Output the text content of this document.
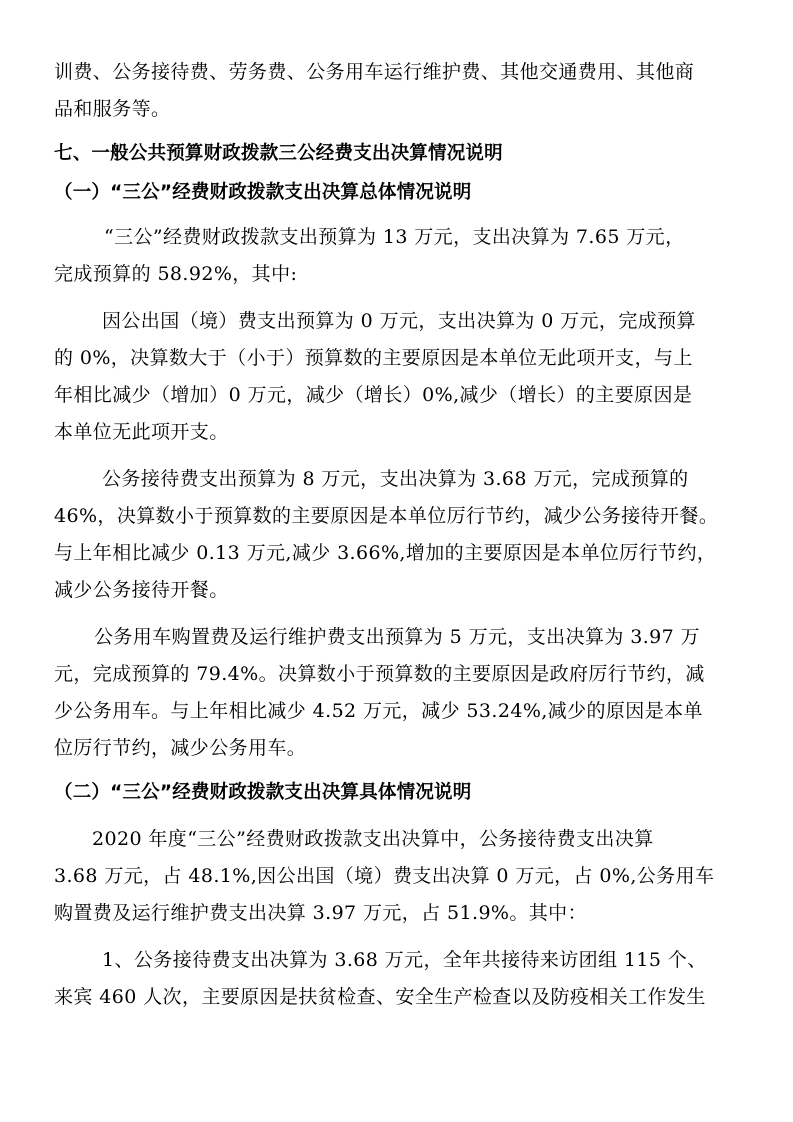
训费、公务接待费、劳务费、公务用车运行维护费、其他交通费用、其他商
品和服务等。
七、一般公共预算财政拨款三公经费支出决算情况说明
（一）“三公”经费财政拨款支出决算总体情况说明
“三公”经费财政拨款支出预算为 13 万元，支出决算为 7.65 万元，
完成预算的 58.92%，其中:
因公出国（境）费支出预算为 0 万元，支出决算为 0 万元，完成预算
的 0%，决算数大于（小于）预算数的主要原因是本单位无此项开支，与上
年相比减少（增加）0 万元，减少（增长）0%,减少（增长）的主要原因是
本单位无此项开支。
公务接待费支出预算为 8 万元，支出决算为 3.68 万元，完成预算的
46%，决算数小于预算数的主要原因是本单位厉行节约，减少公务接待开餐。
与上年相比减少 0.13 万元,减少 3.66%,增加的主要原因是本单位厉行节约，
减少公务接待开餐。
公务用车购置费及运行维护费支出预算为 5 万元，支出决算为 3.97 万
元，完成预算的 79.4%。决算数小于预算数的主要原因是政府厉行节约，减
少公务用车。与上年相比减少 4.52 万元，减少 53.24%,减少的原因是本单
位厉行节约，减少公务用车。
（二）“三公”经费财政拨款支出决算具体情况说明
2020 年度“三公”经费财政拨款支出决算中，公务接待费支出决算
3.68 万元，占 48.1%,因公出国（境）费支出决算 0 万元，占 0%,公务用车
购置费及运行维护费支出决算 3.97 万元，占 51.9%。其中：
1、公务接待费支出决算为 3.68 万元，全年共接待来访团组 115 个、
来宾 460 人次，主要原因是扶贫检查、安全生产检查以及防疫相关工作发生
